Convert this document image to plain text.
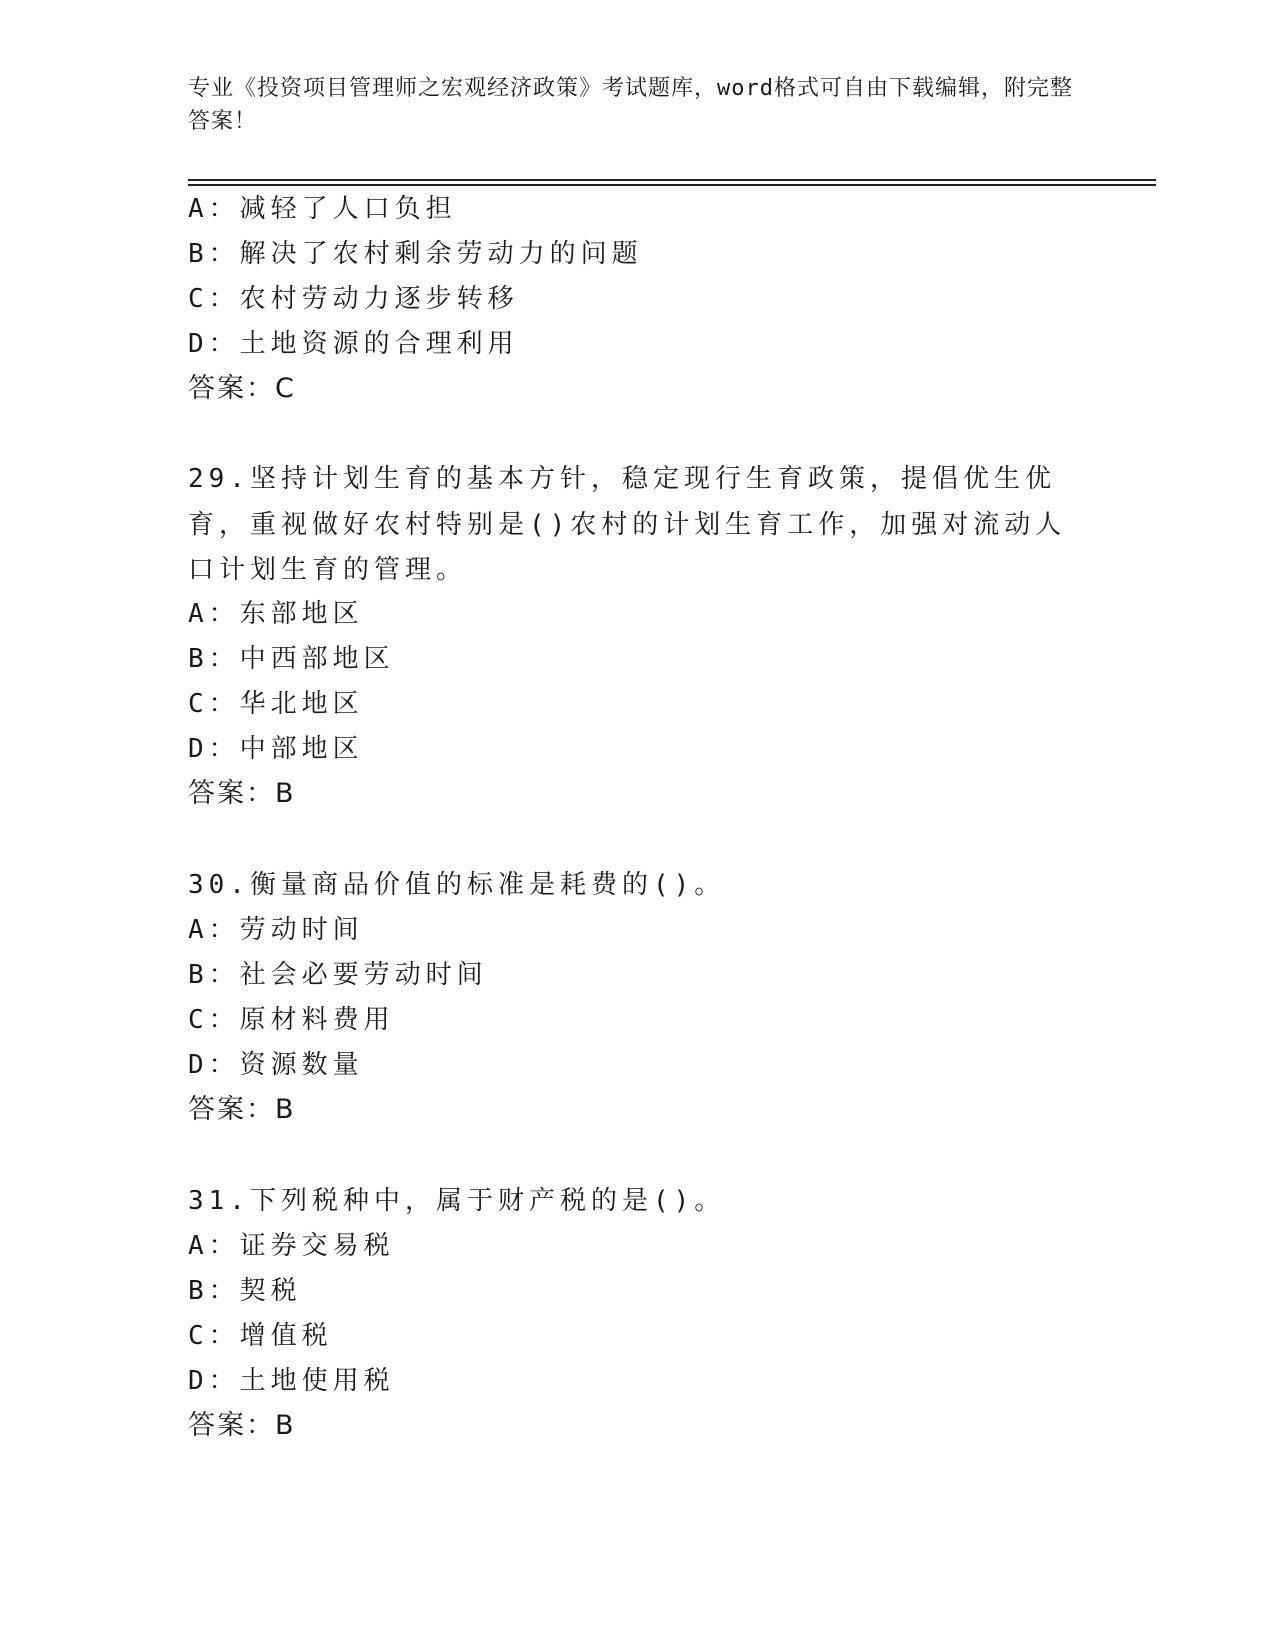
专业《投资项目管理师之宏观经济政策》考试题库，word格式可自由下载编辑，附完整答案！
A：减轻了人口负担
B：解决了农村剩余劳动力的问题
C：农村劳动力逐步转移
D：土地资源的合理利用
答案：C
29.坚持计划生育的基本方针，稳定现行生育政策，提倡优生优育，重视做好农村特别是()农村的计划生育工作，加强对流动人口计划生育的管理。
A：东部地区
B：中西部地区
C：华北地区
D：中部地区
答案：B
30.衡量商品价值的标准是耗费的()。
A：劳动时间
B：社会必要劳动时间
C：原材料费用
D：资源数量
答案：B
31.下列税种中，属于财产税的是()。
A：证券交易税
B：契税
C：增值税
D：土地使用税
答案：B
